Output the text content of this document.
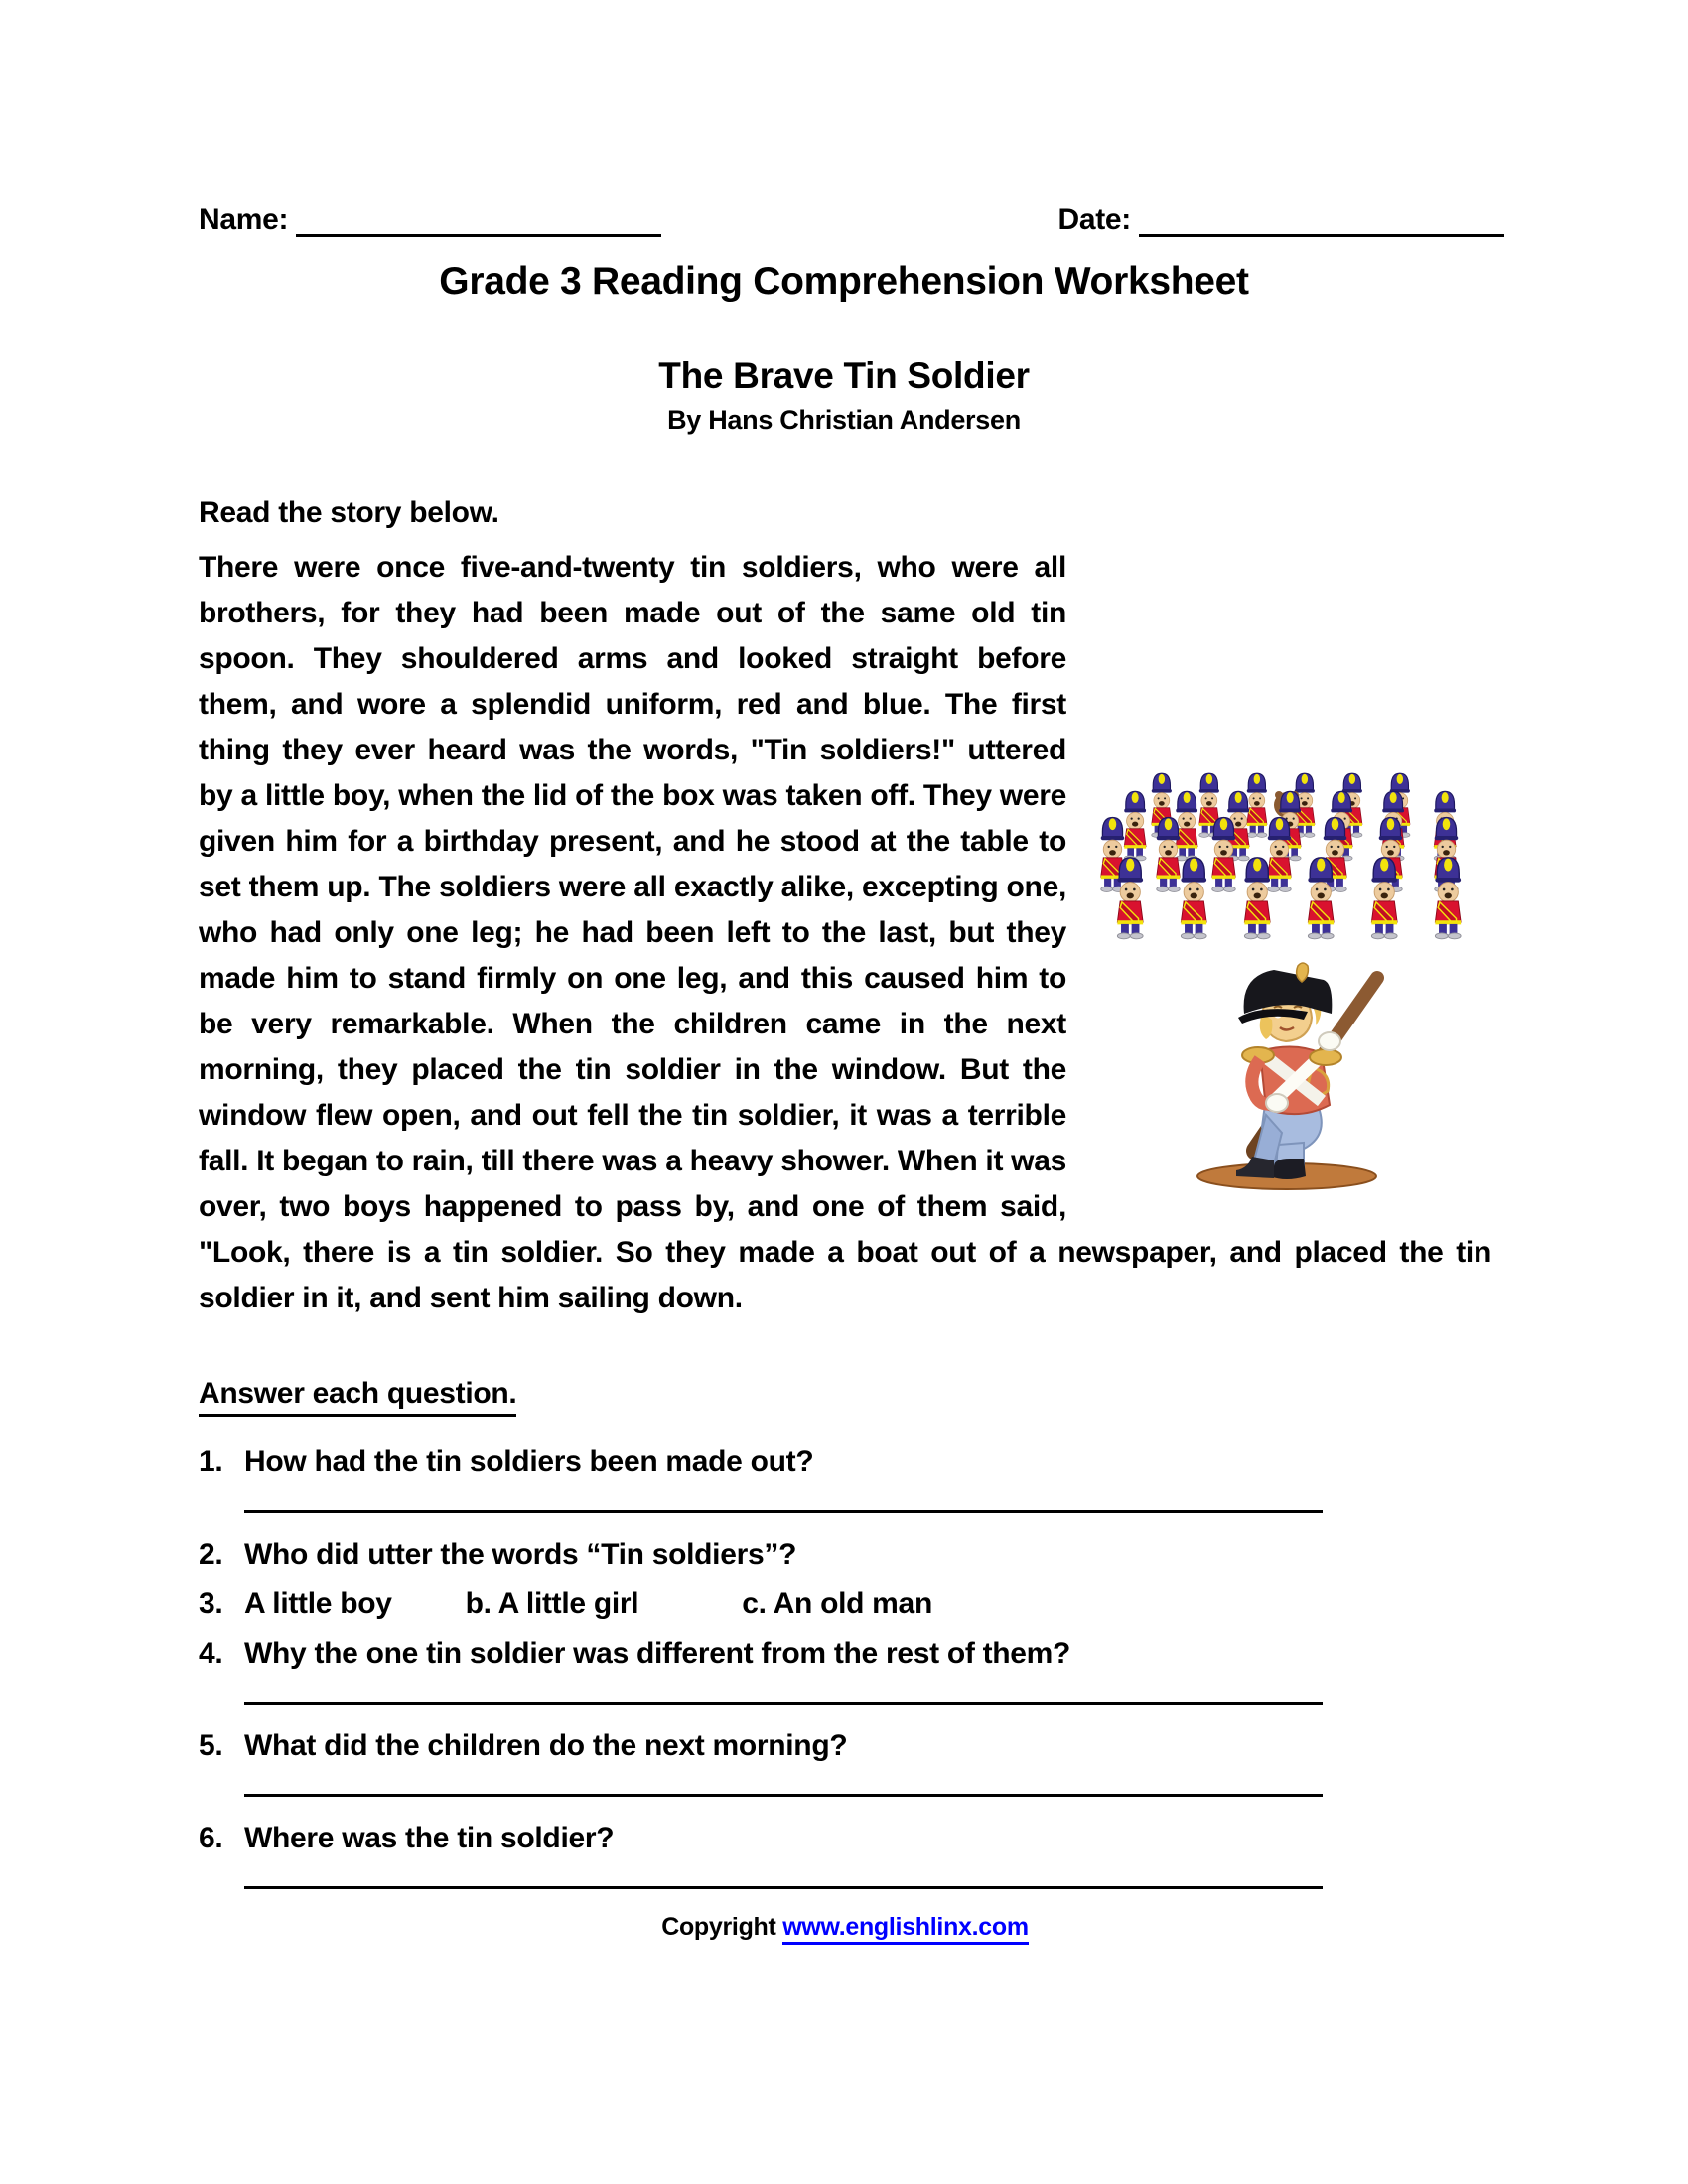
Name:	Date:
Grade 3 Reading Comprehension Worksheet
The Brave Tin Soldier
By Hans Christian Andersen
Read the story below.

There were once five-and-twenty tin soldiers, who were all brothers, for they had been made out of the same old tin spoon. They shouldered arms and looked straight before them, and wore a splendid uniform, red and blue. The first thing they ever heard was the words, "Tin soldiers!" uttered by a little boy, when the lid of the box was taken off. They were given him for a birthday present, and he stood at the table to set them up. The soldiers were all exactly alike, excepting one, who had only one leg; he had been left to the last, but they made him to stand firmly on one leg, and this caused him to be very remarkable. When the children came in the next morning, they placed the tin soldier in the window. But the window flew open, and out fell the tin soldier, it was a terrible fall. It began to rain, till there was a heavy shower. When it was over, two boys happened to pass by, and one of them said, "Look, there is a tin soldier. So they made a boat out of a newspaper, and placed the tin soldier in it, and sent him sailing down.

Answer each question.
1. How had the tin soldiers been made out?
2. Who did utter the words “Tin soldiers”?
3. A little boy b. A little girl	c. An old man
4. Why the one tin soldier was different from the rest of them?
5. What did the children do the next morning?
6. Where was the tin soldier?
Copyright www.englishlinx.com
